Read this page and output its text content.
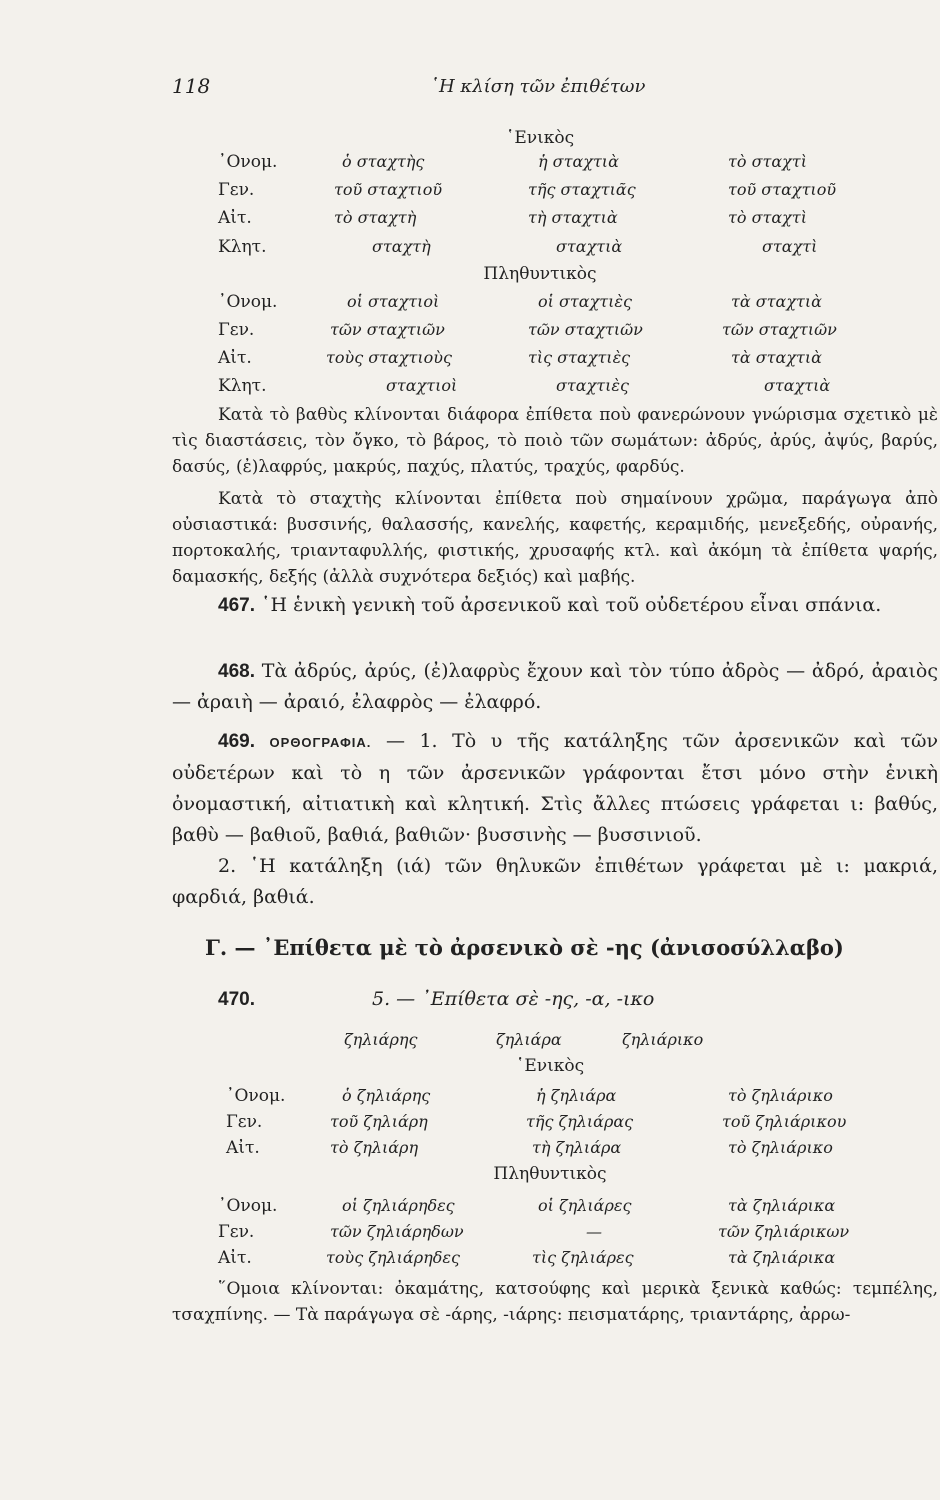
118	῾Η κλίση τῶν ἐπιθέτων
῾Ενικὸς
᾿Ονομ.	ὁ σταχτὴς	ἡ σταχτιὰ	τὸ σταχτὶ
Γεν.	τοῦ σταχτιοῦ	τῆς σταχτιᾶς	τοῦ σταχτιοῦ
Αἰτ.	τὸ σταχτὴ	τὴ σταχτιὰ	τὸ σταχτὶ
Κλητ.	σταχτὴ	σταχτιὰ	σταχτὶ
Πληθυντικὸς
᾿Ονομ.	οἱ σταχτιοὶ	οἱ σταχτιὲς	τὰ σταχτιὰ
Γεν.	τῶν σταχτιῶν	τῶν σταχτιῶν	τῶν σταχτιῶν
Αἰτ.	τοὺς σταχτιοὺς	τὶς σταχτιὲς	τὰ σταχτιὰ
Κλητ.	σταχτιοὶ	σταχτιὲς	σταχτιὰ

Κατὰ τὸ βαθὺς κλίνονται διάφορα ἐπίθετα ποὺ φανερώνουν γνώρισμα σχετικὸ μὲ τὶς διαστάσεις, τὸν ὄγκο, τὸ βάρος, τὸ ποιὸ τῶν σωμάτων: ἀδρύς, ἀρύς, ἀψύς, βαρύς, δασύς, (ἐ)λαφρύς, μακρύς, παχύς, πλατύς, τραχύς, φαρδύς.

Κατὰ τὸ σταχτὴς κλίνονται ἐπίθετα ποὺ σημαίνουν χρῶμα, παράγωγα ἀπὸ οὐσιαστικά: βυσσινής, θαλασσής, κανελής, καφετής, κεραμιδής, μενεξεδής, οὐρανής, πορτοκαλής, τριανταφυλλής, φιστικής, χρυσαφής κτλ. καὶ ἀκόμη τὰ ἐπίθετα ψαρής, δαμασκής, δεξής (ἀλλὰ συχνότερα δεξιός) καὶ μαβής.

467. ῾Η ἑνικὴ γενικὴ τοῦ ἀρσενικοῦ καὶ τοῦ οὐδετέρου εἶναι σπάνια.

468. Τὰ ἀδρύς, ἀρύς, (ἐ)λαφρὺς ἔχουν καὶ τὸν τύπο ἀδρὸς — ἀδρό, ἀραιὸς — ἀραιὴ — ἀραιό, ἐλαφρὸς — ἐλαφρό.

469. ΟΡΘΟΓΡΑΦΙΑ. — 1. Τὸ υ τῆς κατάληξης τῶν ἀρσενικῶν καὶ τῶν οὐδετέρων καὶ τὸ η τῶν ἀρσενικῶν γράφονται ἔτσι μόνο στὴν ἑνικὴ ὀνομαστική, αἰτιατικὴ καὶ κλητική. Στὶς ἄλλες πτώσεις γράφεται ι: βαθύς, βαθὺ — βαθιοῦ, βαθιά, βαθιῶν· βυσσινὴς — βυσσινιοῦ.

2. ῾Η κατάληξη (ιά) τῶν θηλυκῶν ἐπιθέτων γράφεται μὲ ι: μακριά, φαρδιά, βαθιά.

Γ. — ᾿Επίθετα μὲ τὸ ἀρσενικὸ σὲ -ης (ἀνισοσύλλαβο)
470.	5. — ᾿Επίθετα σὲ -ης, -α, -ικο
ζηλιάρης	ζηλιάρα	ζηλιάρικο
῾Ενικὸς
᾿Ονομ.	ὁ ζηλιάρης	ἡ ζηλιάρα	τὸ ζηλιάρικο
Γεν.	τοῦ ζηλιάρη	τῆς ζηλιάρας	τοῦ ζηλιάρικου
Αἰτ.	τὸ ζηλιάρη	τὴ ζηλιάρα	τὸ ζηλιάρικο
Πληθυντικὸς
᾿Ονομ.	οἱ ζηλιάρηδες	οἱ ζηλιάρες	τὰ ζηλιάρικα
Γεν.	τῶν ζηλιάρηδων	—	τῶν ζηλιάρικων
Αἰτ.	τοὺς ζηλιάρηδες	τὶς ζηλιάρες	τὰ ζηλιάρικα

῞Ομοια κλίνονται: ὀκαμάτης, κατσούφης καὶ μερικὰ ξενικὰ καθώς: τεμπέλης, τσαχπίνης. — Τὰ παράγωγα σὲ -άρης, -ιάρης: πεισματάρης, τριαντάρης, ἀρρω-
